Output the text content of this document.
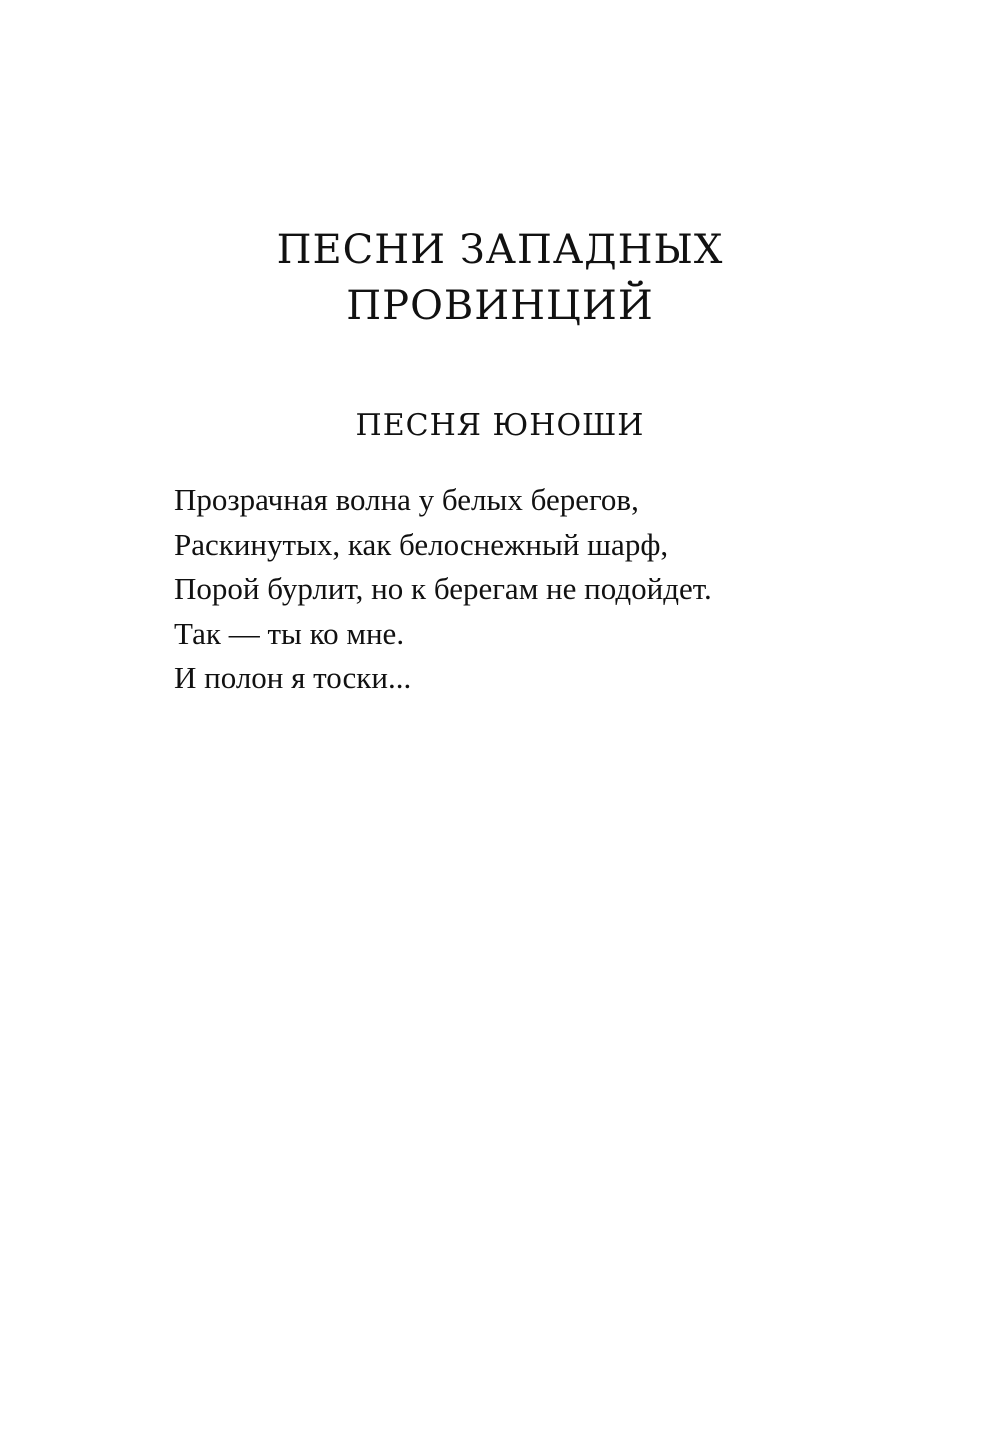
ПЕСНИ ЗАПАДНЫХ
ПРОВИНЦИЙ
ПЕСНЯ ЮНОШИ
Прозрачная волна у белых берегов,
Раскинутых, как белоснежный шарф,
Порой бурлит, но к берегам не подойдет.
Так — ты ко мне.
И полон я тоски...
